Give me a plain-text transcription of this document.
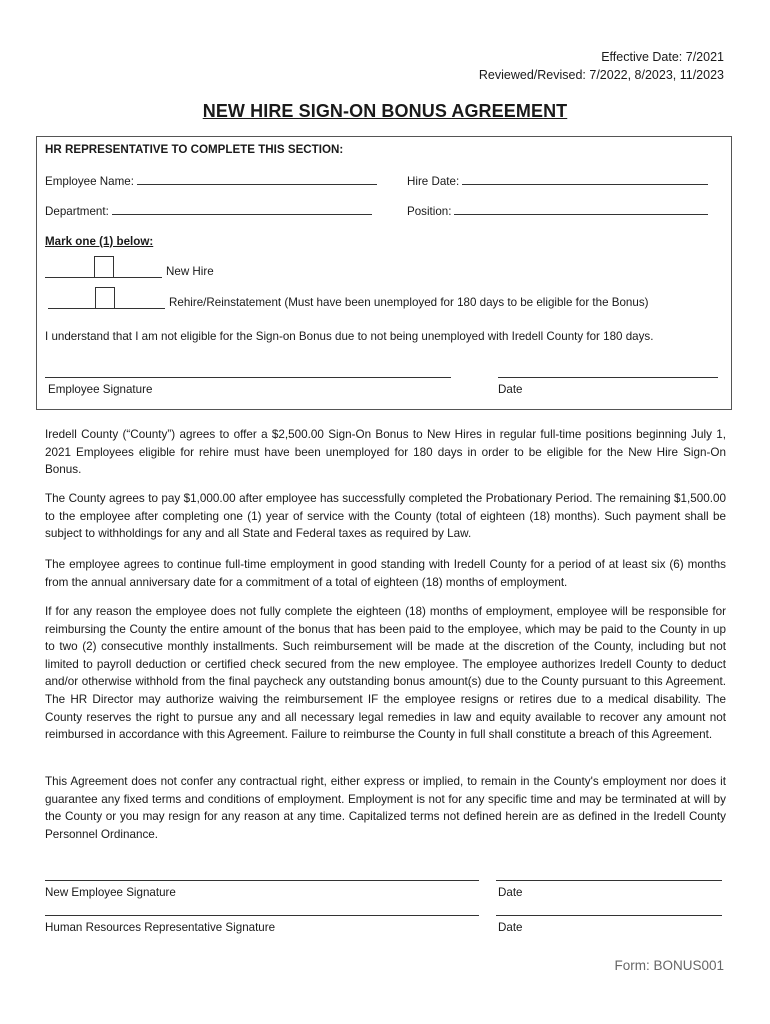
Effective Date: 7/2021
Reviewed/Revised: 7/2022, 8/2023, 11/2023
NEW HIRE SIGN-ON BONUS AGREEMENT
HR REPRESENTATIVE TO COMPLETE THIS SECTION:
Employee Name:	Hire Date:
Department:	Position:
Mark one (1) below:
New Hire
Rehire/Reinstatement (Must have been unemployed for 180 days to be eligible for the Bonus)
I understand that I am not eligible for the Sign-on Bonus due to not being unemployed with Iredell County for 180 days.
Employee Signature	Date

Iredell County (“County”) agrees to offer a $2,500.00 Sign-On Bonus to New Hires in regular full-time positions beginning July 1, 2021 Employees eligible for rehire must have been unemployed for 180 days in order to be eligible for the New Hire Sign-On Bonus.

The County agrees to pay $1,000.00 after employee has successfully completed the Probationary Period. The remaining $1,500.00 to the employee after completing one (1) year of service with the County (total of eighteen (18) months). Such payment shall be subject to withholdings for any and all State and Federal taxes as required by Law.

The employee agrees to continue full-time employment in good standing with Iredell County for a period of at least six (6) months from the annual anniversary date for a commitment of a total of eighteen (18) months of employment.

If for any reason the employee does not fully complete the eighteen (18) months of employment, employee will be responsible for reimbursing the County the entire amount of the bonus that has been paid to the employee, which may be paid to the County in up to two (2) consecutive monthly installments. Such reimbursement will be made at the discretion of the County, including but not limited to payroll deduction or certified check secured from the new employee. The employee authorizes Iredell County to deduct and/or otherwise withhold from the final paycheck any outstanding bonus amount(s) due to the County pursuant to this Agreement. The HR Director may authorize waiving the reimbursement IF the employee resigns or retires due to a medical disability. The County reserves the right to pursue any and all necessary legal remedies in law and equity available to recover any amount not reimbursed in accordance with this Agreement. Failure to reimburse the County in full shall constitute a breach of this Agreement.

This Agreement does not confer any contractual right, either express or implied, to remain in the County's employment nor does it guarantee any fixed terms and conditions of employment. Employment is not for any specific time and may be terminated at will by the County or you may resign for any reason at any time. Capitalized terms not defined herein are as defined in the Iredell County Personnel Ordinance.

New Employee Signature	Date
Human Resources Representative Signature	Date
Form: BONUS001
